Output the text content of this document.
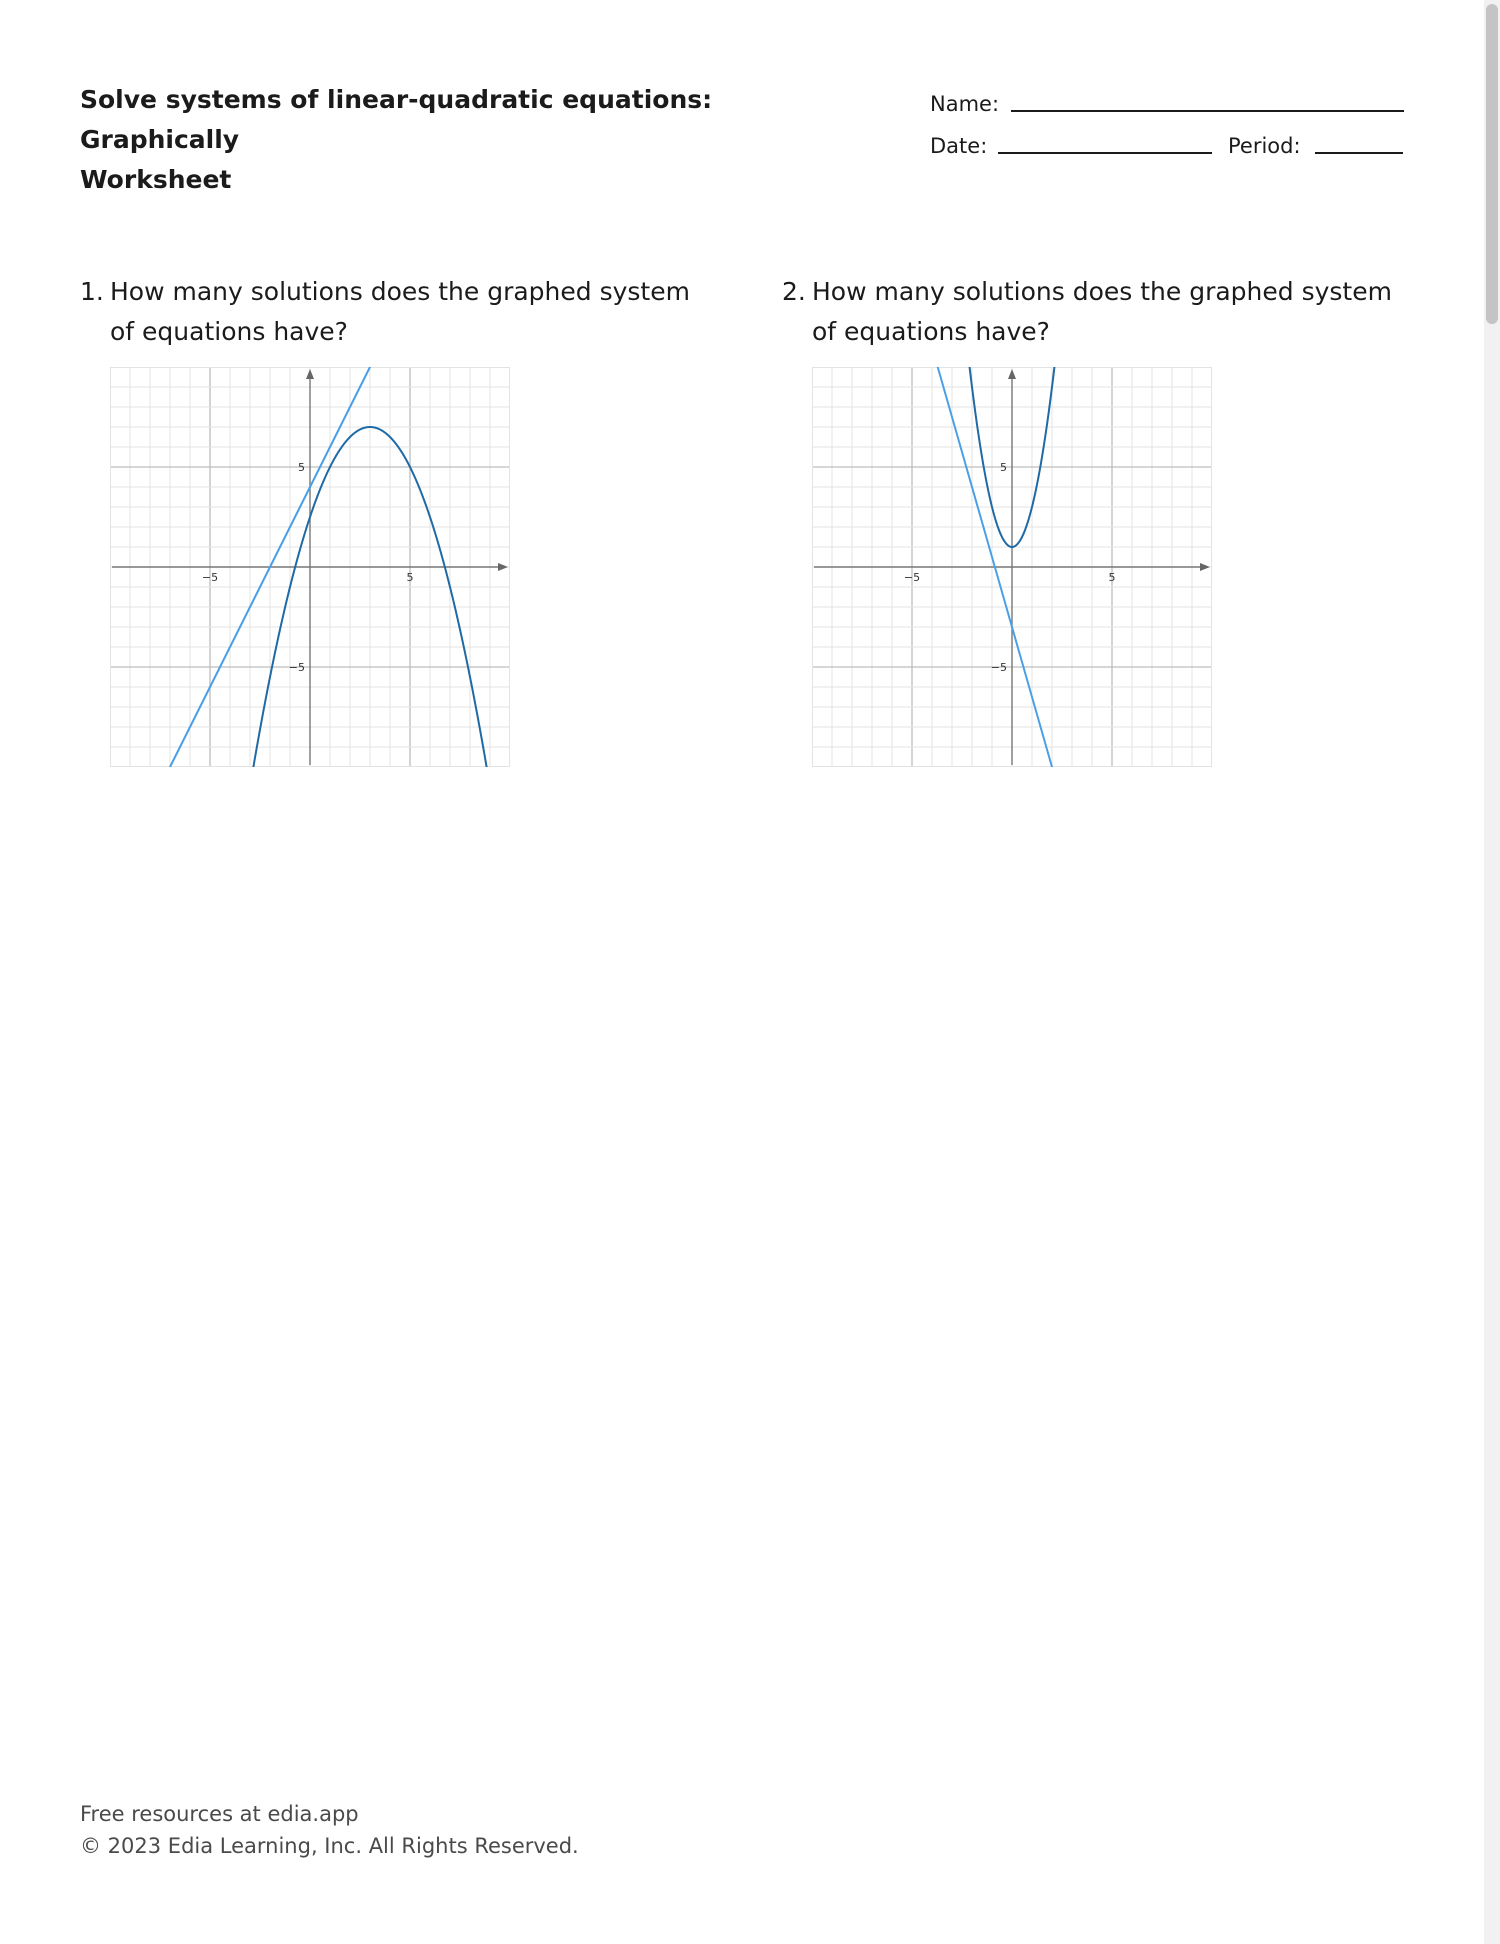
Solve systems of linear-quadratic equations: Graphically
Worksheet
Name:
Date:	Period:
1. How many solutions does the graphed system of equations have?
−5	5
5
−5
2. How many solutions does the graphed system of equations have?
−5	5
5
−5
Free resources at edia.app
© 2023 Edia Learning, Inc. All Rights Reserved.
